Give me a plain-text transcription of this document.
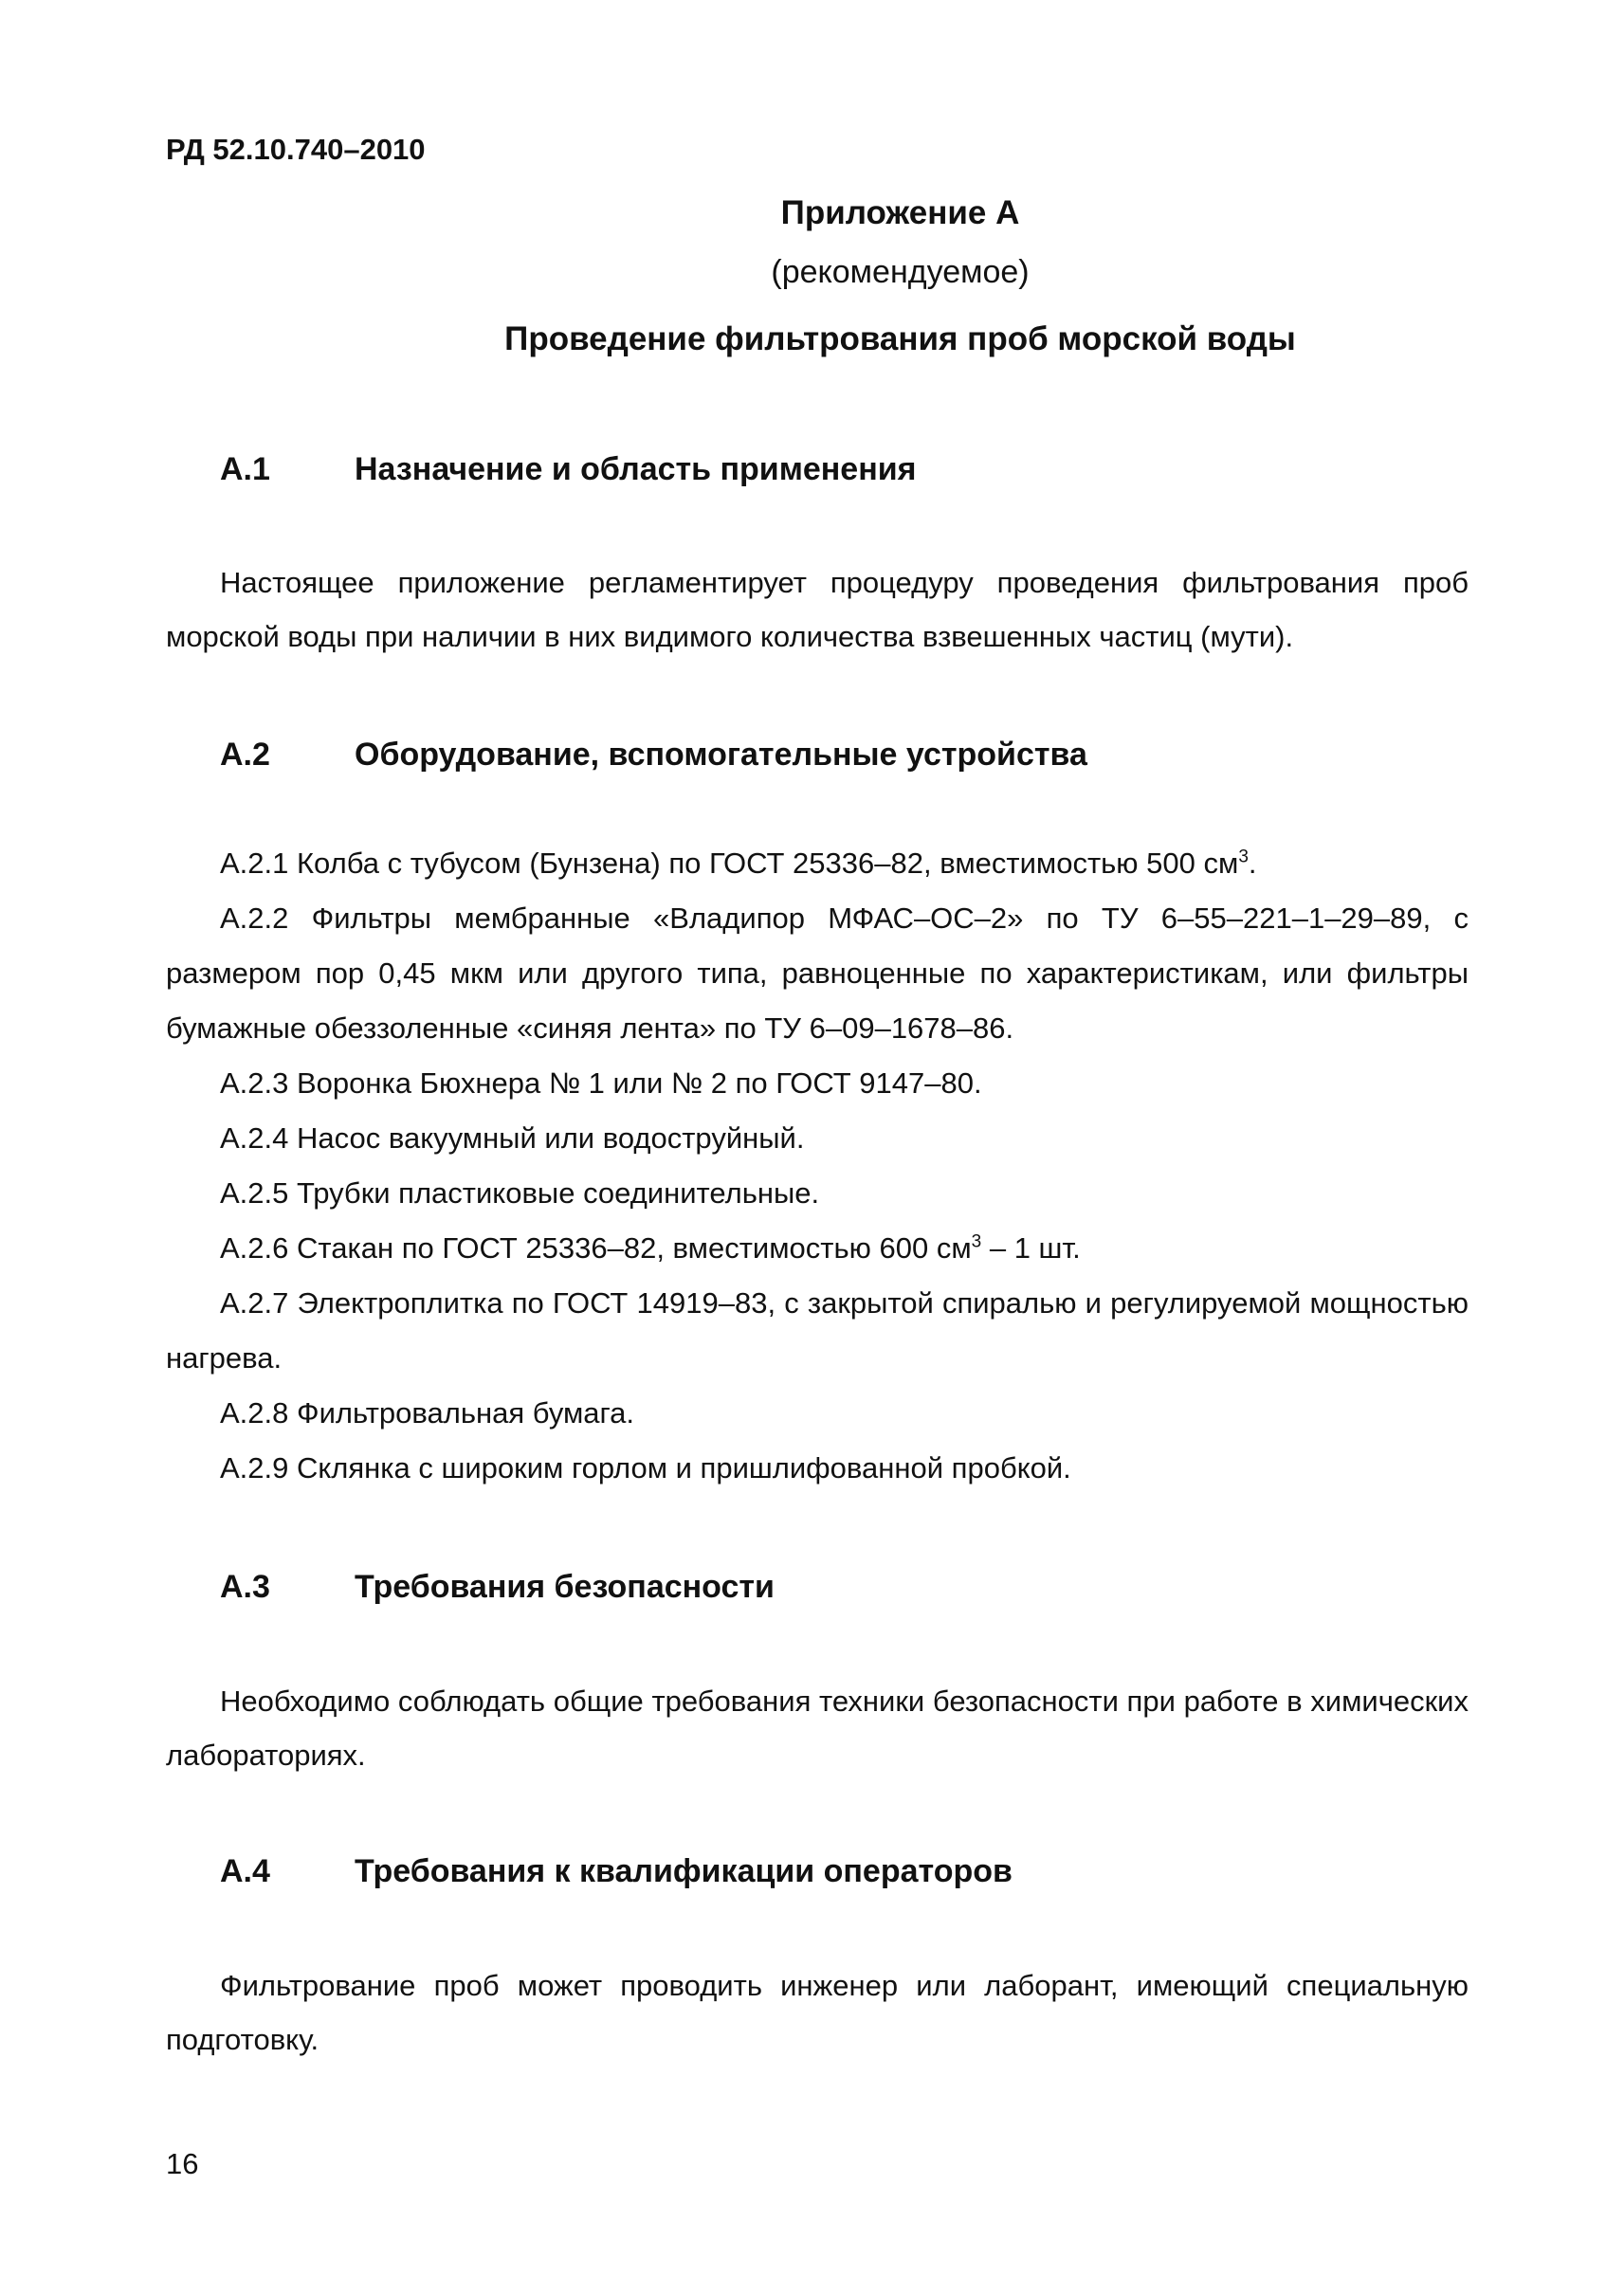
РД 52.10.740–2010
Приложение А
(рекомендуемое)
Проведение фильтрования проб морской воды
А.1	Назначение и область применения
Настоящее приложение регламентирует процедуру проведения фильтрования проб морской воды при наличии в них видимого количества взвешенных частиц (мути).
А.2	Оборудование, вспомогательные устройства
А.2.1 Колба с тубусом (Бунзена) по ГОСТ 25336–82, вместимостью 500 $см^3$.
А.2.2 Фильтры мембранные «Владипор МФАС–ОС–2» по ТУ 6–55–221–1–29–89, с размером пор 0,45 мкм или другого типа, равноценные по характеристикам, или фильтры бумажные обеззоленные «синяя лента» по ТУ 6–09–1678–86.
А.2.3 Воронка Бюхнера № 1 или № 2 по ГОСТ 9147–80.
А.2.4 Насос вакуумный или водоструйный.
А.2.5 Трубки пластиковые соединительные.
А.2.6 Стакан по ГОСТ 25336–82, вместимостью 600 $см^3 - 1$ шт.
А.2.7 Электроплитка по ГОСТ 14919–83, с закрытой спиралью и регулируемой мощностью нагрева.
А.2.8 Фильтровальная бумага.
А.2.9 Склянка с широким горлом и пришлифованной пробкой.
А.3	Требования безопасности
Необходимо соблюдать общие требования техники безопасности при работе в химических лабораториях.
А.4	Требования к квалификации операторов
Фильтрование проб может проводить инженер или лаборант, имеющий специальную подготовку.
16
